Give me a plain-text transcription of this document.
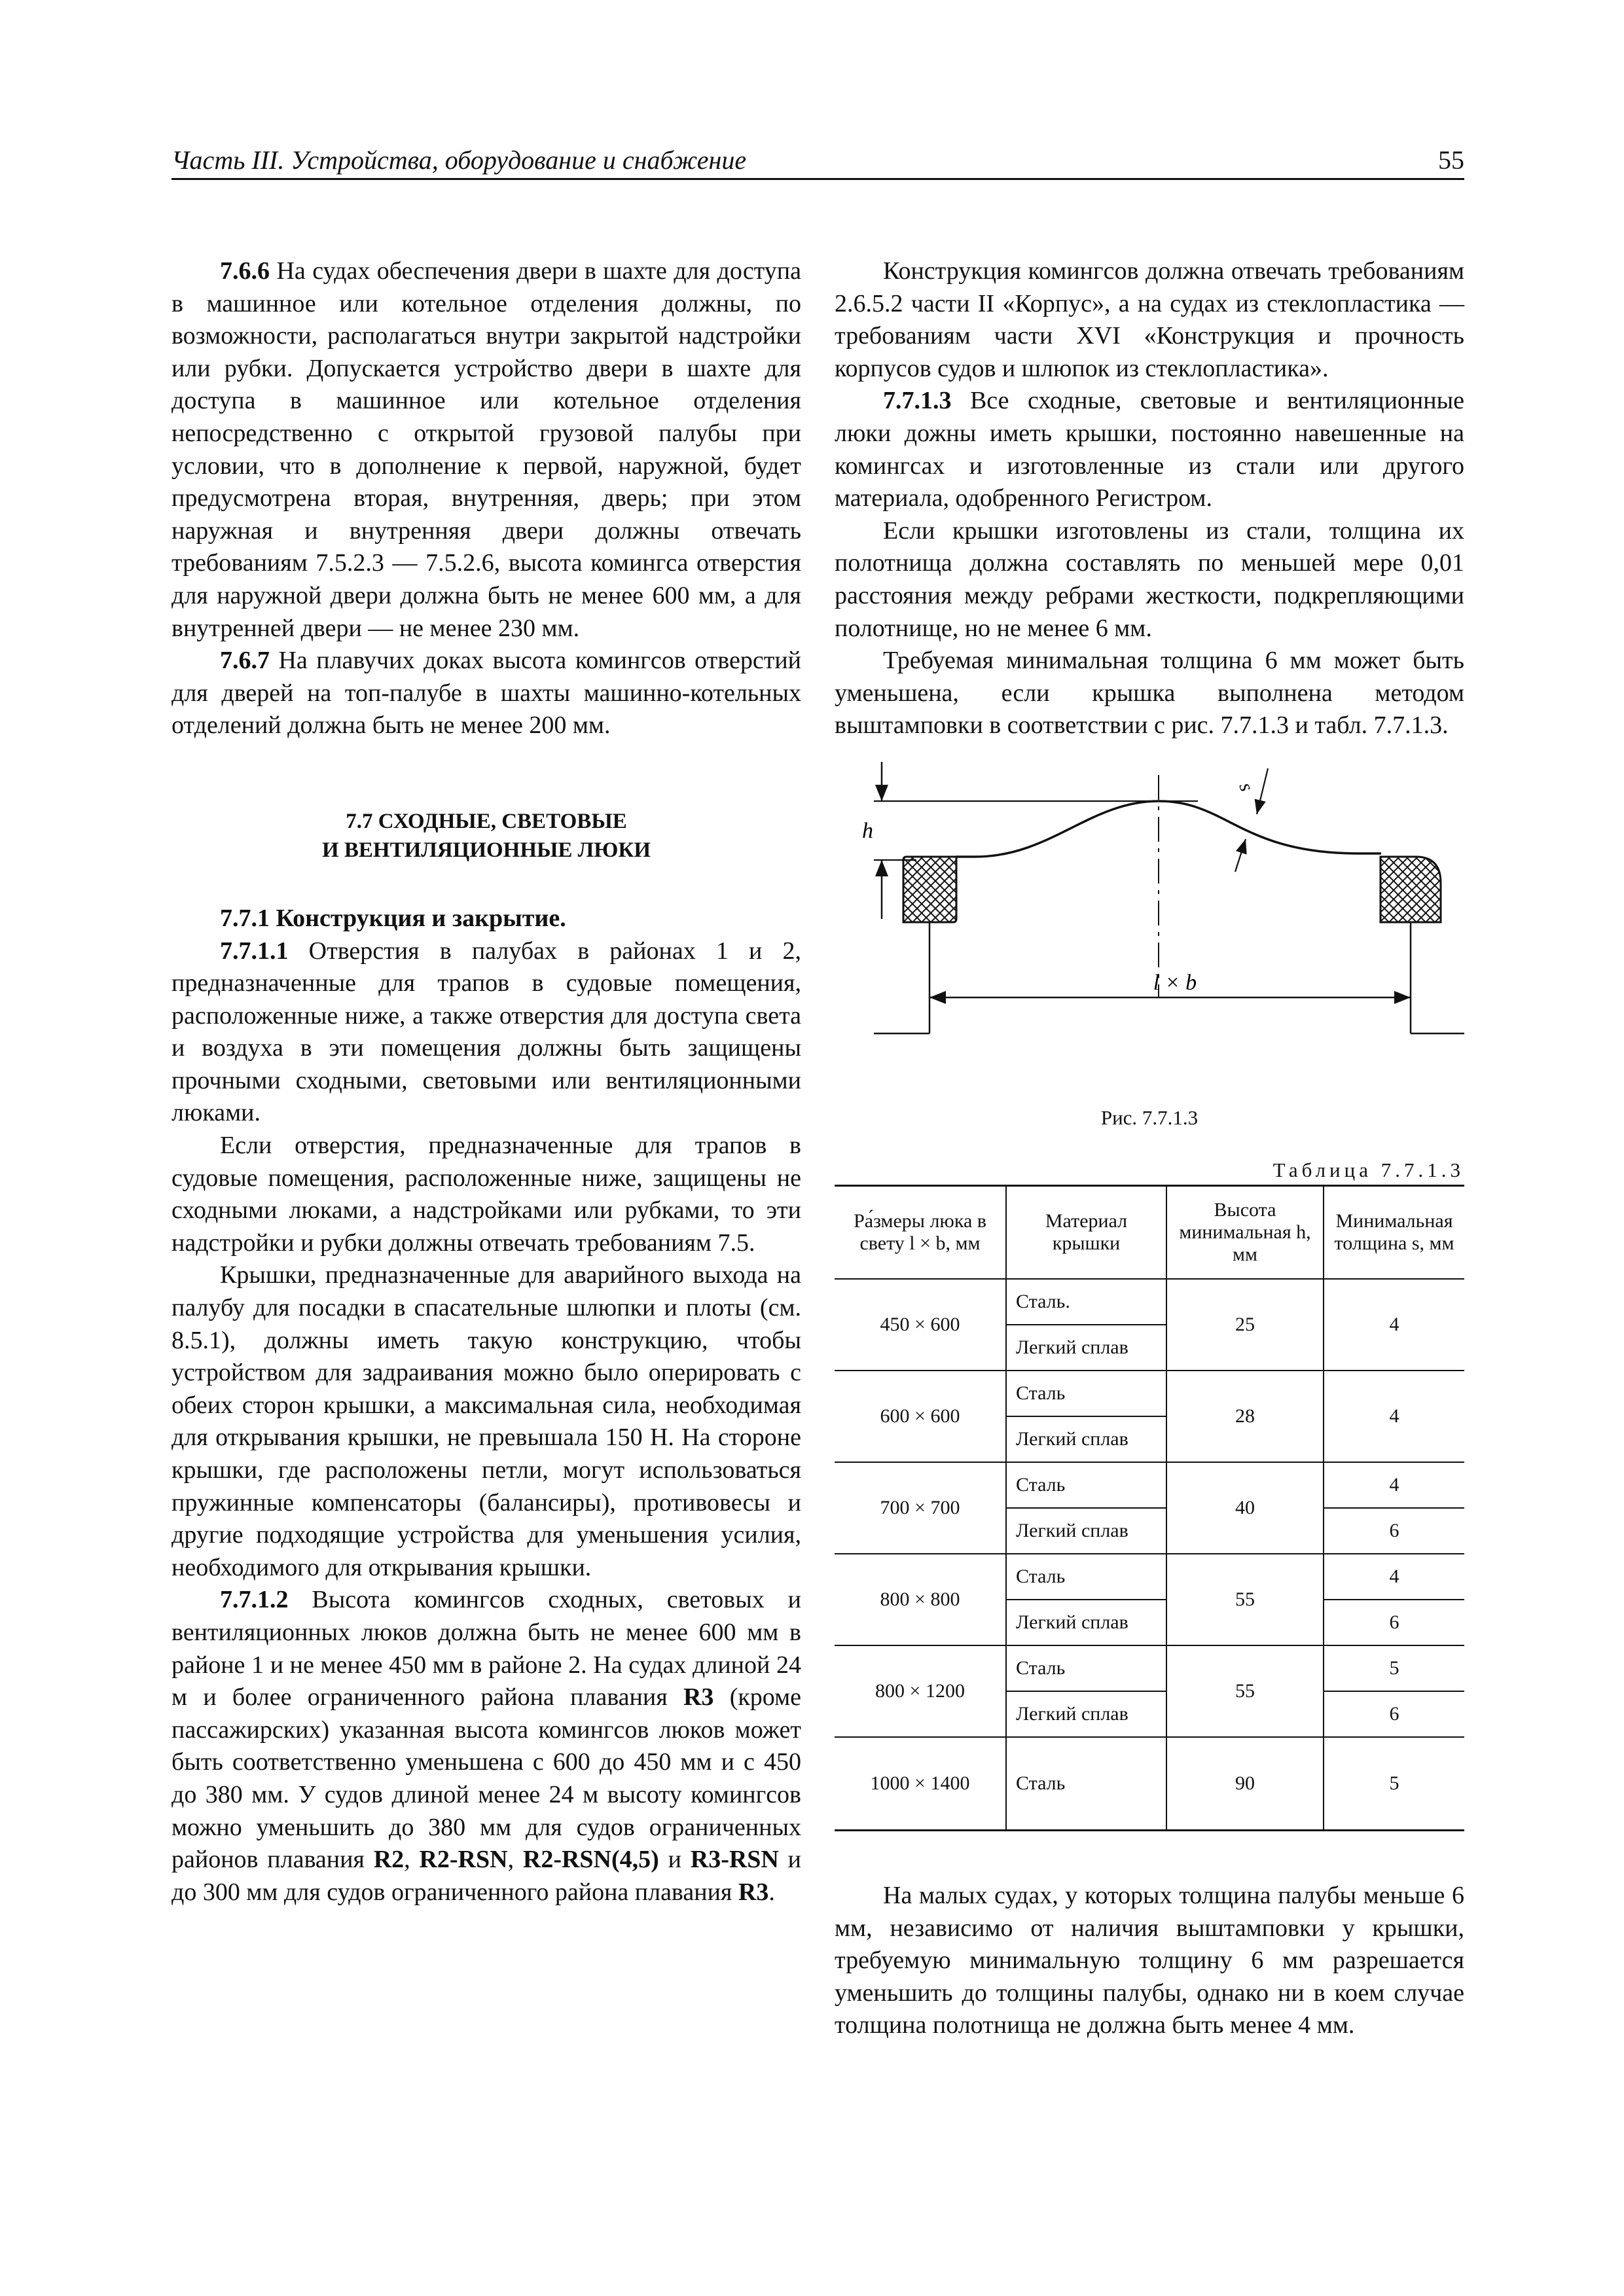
Часть III. Устройства, оборудование и снабжение	55

7.6.6 На судах обеспечения двери в шахте для доступа в машинное или котельное отделения должны, по возможности, располагаться внутри закрытой надстройки или рубки. Допускается устройство двери в шахте для доступа в машинное или котельное отделения непосредственно с открытой грузовой палубы при условии, что в дополнение к первой, наружной, будет предусмотрена вторая, внутренняя, дверь; при этом наружная и внутренняя двери должны отвечать требованиям 7.5.2.3 — 7.5.2.6, высота комингса отверстия для наружной двери должна быть не менее 600 мм, а для внутренней двери — не менее 230 мм.

7.6.7 На плавучих доках высота комингсов отверстий для дверей на топ-палубе в шахты машинно-котельных отделений должна быть не менее 200 мм.

7.7 СХОДНЫЕ, СВЕТОВЫЕ

И ВЕНТИЛЯЦИОННЫЕ ЛЮКИ

7.7.1 Конструкция и закрытие.

7.7.1.1 Отверстия в палубах в районах 1 и 2, предназначенные для трапов в судовые помещения, расположенные ниже, а также отверстия для доступа света и воздуха в эти помещения должны быть защищены прочными сходными, световыми или вентиляционными люками.

Если отверстия, предназначенные для трапов в судовые помещения, расположенные ниже, защищены не сходными люками, а надстройками или рубками, то эти надстройки и рубки должны отвечать требованиям 7.5.

Крышки, предназначенные для аварийного выхода на палубу для посадки в спасательные шлюпки и плоты (см. 8.5.1), должны иметь такую конструкцию, чтобы устройством для задраивания можно было оперировать с обеих сторон крышки, а максимальная сила, необходимая для открывания крышки, не превышала 150 Н. На стороне крышки, где расположены петли, могут использоваться пружинные компенсаторы (балансиры), противовесы и другие подходящие устройства для уменьшения усилия, необходимого для открывания крышки.

7.7.1.2 Высота комингсов сходных, световых и вентиляционных люков должна быть не менее 600 мм в районе 1 и не менее 450 мм в районе 2. На судах длиной 24 м и более ограниченного района плавания R3 (кроме пассажирских) указанная высота комингсов люков может быть соответственно уменьшена с 600 до 450 мм и с 450 до 380 мм. У судов длиной менее 24 м высоту комингсов можно уменьшить до 380 мм для судов ограниченных районов плавания R2, R2-RSN, R2-RSN(4,5) и R3-RSN и до 300 мм для судов ограниченного района плавания R3.

Конструкция комингсов должна отвечать требованиям 2.6.5.2 части II «Корпус», а на судах из стеклопластика — требованиям части XVI «Конструкция и прочность корпусов судов и шлюпок из стеклопластика».

7.7.1.3 Все сходные, световые и вентиляционные люки дожны иметь крышки, постоянно навешенные на комингсах и изготовленные из стали или другого материала, одобренного Регистром.

Если крышки изготовлены из стали, толщина их полотнища должна составлять по меньшей мере 0,01 расстояния между ребрами жесткости, подкрепляющими полотнище, но не менее 6 мм.

Требуемая минимальная толщина 6 мм может быть уменьшена, если крышка выполнена методом выштамповки в соответствии с рис. 7.7.1.3 и табл. 7.7.1.3.

h
l × b
s
Рис. 7.7.1.3
Таблица 7.7.1.3
Ра́змеры люка в свету l × b, мм	Материал крышки	Высота минимальная h, мм	Минимальная толщина s, мм
450 × 600	Сталь.	25	4
	Легкий сплав		
600 × 600	Сталь	28	4
	Легкий сплав		
700 × 700	Сталь	40	4
	Легкий сплав		6
800 × 800	Сталь	55	4
	Легкий сплав		6
800 × 1200	Сталь	55	5
	Легкий сплав		6
1000 × 1400	Сталь	90	5

На малых судах, у которых толщина палубы меньше 6 мм, независимо от наличия выштамповки у крышки, требуемую минимальную толщину 6 мм разрешается уменьшить до толщины палубы, однако ни в коем случае толщина полотнища не должна быть менее 4 мм.
